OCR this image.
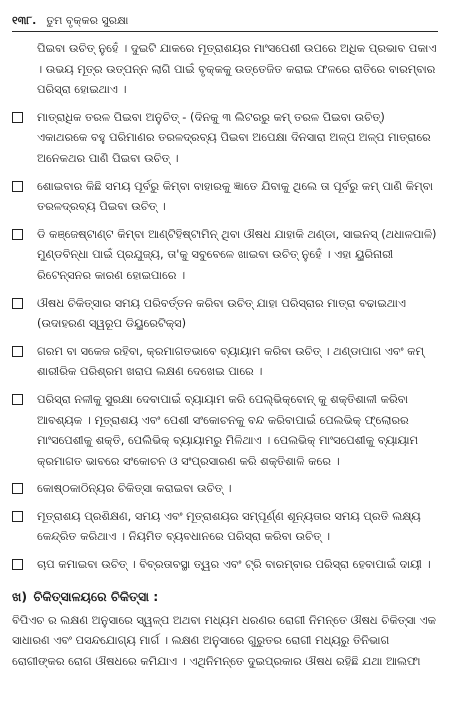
୧୩୮. ତୁମ ବୃକ୍କର ସୁରକ୍ଷା

ପିଇବା ଉଚିତ୍ ନୁହେଁ । ଦୁଇଟି ଯାକରେ ମୂତ୍ରାଶୟର ମାଂସପେଶୀ ଉପରେ ଅଧିକ ପ୍ରଭାବ ପକାଏ । ଉଭୟ ମୂତ୍ର ଉତ୍ପନ୍ନ ଲାଗି ପାଇଁ ବୃକ୍କକୁ ଉତ୍ତେଜିତ କରାଇ ଫଳରେ ରାତିରେ ବାରମ୍ବାର ପରିସ୍ରା ହୋଇଥାଏ ।

ମାତ୍ରାଧିକ ତରଳ ପିଇବା ଅନୁଚିତ୍ - (ଦିନକୁ ୩ ଲିଟରରୁ କମ୍ ତରଳ ପିଇବା ଉଚିତ୍) ଏକାଥରକେ ବହୁ ପରିମାଣର ତରଳଦ୍ରବ୍ୟ ପିଇବା ଅପେକ୍ଷା ଦିନସାରା ଅଳ୍ପ ଅଳ୍ପ ମାତ୍ରାରେ ଅନେକଥର ପାଣି ପିଇବା ଉଚିତ୍ ।

ଶୋଇବାର କିଛି ସମୟ ପୂର୍ବରୁ କିମ୍ବା ବାହାରକୁ ଜ୍ଞାତେ ଯିବାକୁ ଥିଲେ ତା ପୂର୍ବରୁ କମ୍ ପାଣି କିମ୍ବା ତରଳଦ୍ରବ୍ୟ ପିଇବା ଉଚିତ୍ ।

ଡି କଞ୍ଜେଷ୍ଟାଣ୍ଟ କିମ୍ବା ଆଣ୍ଟିହିଷ୍ଟାମିନ୍ ଥିବା ଔଷଧ ଯାହାକି ଥଣ୍ଡା, ସାଇନସ୍ (ଥଧାଳପାଳି) ମୁଣ୍ଡବିନ୍ଧା ପାଇଁ ପ୍ରଯୁଜ୍ୟ, ତା'କୁ ସବୁବେଳେ ଖାଇବା ଉଚିତ୍ ନୁହେଁ । ଏହା ୟୁରିନାରୀ ରିଟେନ୍ସନର କାରଣ ହୋଇପାରେ ।

ଔଷଧ ଚିକିତ୍ସାର ସମୟ ପରିବର୍ତ୍ତନ କରିବା ଉଚିତ୍ ଯାହା ପରିସ୍ରାର ମାତ୍ରା ବଢାଇଥାଏ (ଉଦାହରଣ ସ୍ୱରୂପ ଡିୟୁରେଟିକ୍ସ)

ଗରମ ବା ସକେଜ ରହିବା, କ୍ରମାଗତଭାବେ ବ୍ୟାୟାମ କରିବା ଉଚିତ୍ । ଥଣ୍ଡାପାଗ ଏବଂ କମ୍ ଶାରୀରିକ ପରିଶ୍ରମ ଖରାପ ଲକ୍ଷଣ ଦେଖେଇ ପାରେ ।

ପରିସ୍ରା ନଳୀକୁ ସୁରକ୍ଷା ଦେବାପାଇଁ ବ୍ୟାୟାମ କରି ପେଲ୍‌ଭିକ୍‌ବୋନ୍ କୁ ଶକ୍ତିଶାଳୀ କରିବା ଆବଶ୍ୟକ । ମୂତ୍ରାଶୟ ଏବଂ ପେଶୀ ସଂକୋଚନକୁ ବନ୍ଦ କରିବାପାଇଁ ପେଲଭିକ୍ ଫ୍ଲୋରର ମାଂସପେଶୀକୁ ଶକ୍ତି, ପେଲିଭିକ୍ ବ୍ୟାୟାମରୁ ମିଳିଥାଏ । ପେଲଭିକ୍ ମାଂସପେଶୀକୁ ବ୍ୟାୟାମ କ୍ରମାଗତ ଭାବରେ ସଂକୋଚନ ଓ ସଂପ୍ରସାରଣ କରି ଶକ୍ତିଶାଳି କରେ ।

କୋଷ୍ଠକାଠିନ୍ୟର ଚିକିତ୍ସା କରାଇବା ଉଚିତ୍ ।

ମୂତ୍ରାଶୟ ପ୍ରଶିକ୍ଷଣ, ସମୟ ଏବଂ ମୂତ୍ରାଶୟର ସମ୍ପୂର୍ଣ୍ଣ ଶୂନ୍ୟତାର ସମୟ ପ୍ରତି ଲକ୍ଷ୍ୟ କେନ୍ଦ୍ରିତ କରିଥାଏ । ନିୟମିତ ବ୍ୟବଧାନରେ ପରିସ୍ରା କରିବା ଉଚିତ୍ ।

ଚାପ କମାଇବା ଉଚିତ୍ । ବିବ୍ରତାବସ୍ଥା ତ୍ୱର ଏବଂ ଟ୍ରି ବାରମ୍ବାର ପରିସ୍ରା ହେବାପାଇଁ ଦାୟୀ ।

ଖ) ଚିକିତ୍ସାଳୟରେ ଚିକିତ୍ସା :

ବିପିଏଚ ର ଲକ୍ଷଣ ଅନୁସାରେ ସ୍ୱଳ୍ପ ଅଥବା ମଧ୍ୟମ ଧରଣର ରୋଗୀ ନିମନ୍ତେ ଔଷଧ ଚିକିତ୍ସା ଏକ ସାଧାରଣ ଏବଂ ପସନ୍ଦଯୋଗ୍ୟ ମାର୍ଗ । ଲକ୍ଷଣ ଅନୁସାରେ ଗୁରୁତର ରୋଗୀ ମଧ୍ୟରୁ ତିନିଭାଗ ରୋଗୀଙ୍କର ରୋଗ ଔଷଧରେ କମିଯାଏ । ଏଥିନିମନ୍ତେ ଦୁଇପ୍ରକାର ଔଷଧ ରହିଛି ଯଥା ଆଲଫା
